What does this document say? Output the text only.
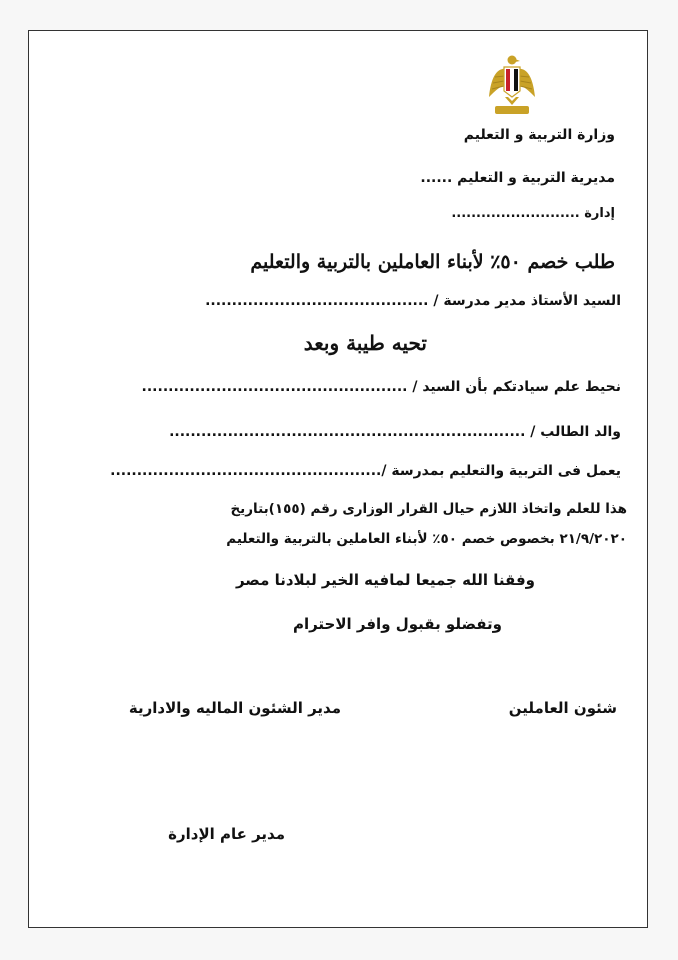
وزارة التربية و التعليم
مديرية التربية و التعليم ......
إدارة ..........................
طلب خصم ٥٠٪ لأبناء العاملين بالتربية والتعليم
السيد الأستاذ مدير مدرسة / ..........................................
تحيه طيبة وبعد
نحيط علم سيادتكم بأن السيد / ..................................................
والد الطالب / ...................................................................
يعمل فى التربية والتعليم بمدرسة /...................................................
هذا للعلم واتخاذ اللازم حيال القرار الوزارى رقم (١٥٥)بتاريخ
٢١/٩/٢٠٢٠ بخصوص خصم ٥٠٪ لأبناء العاملين بالتربية والتعليم
وفقنا الله جميعا لمافيه الخير لبلادنا مصر
وتفضلو بقبول وافر الاحترام
شئون العاملين
مدير الشئون الماليه والادارية
مدير عام الإدارة
